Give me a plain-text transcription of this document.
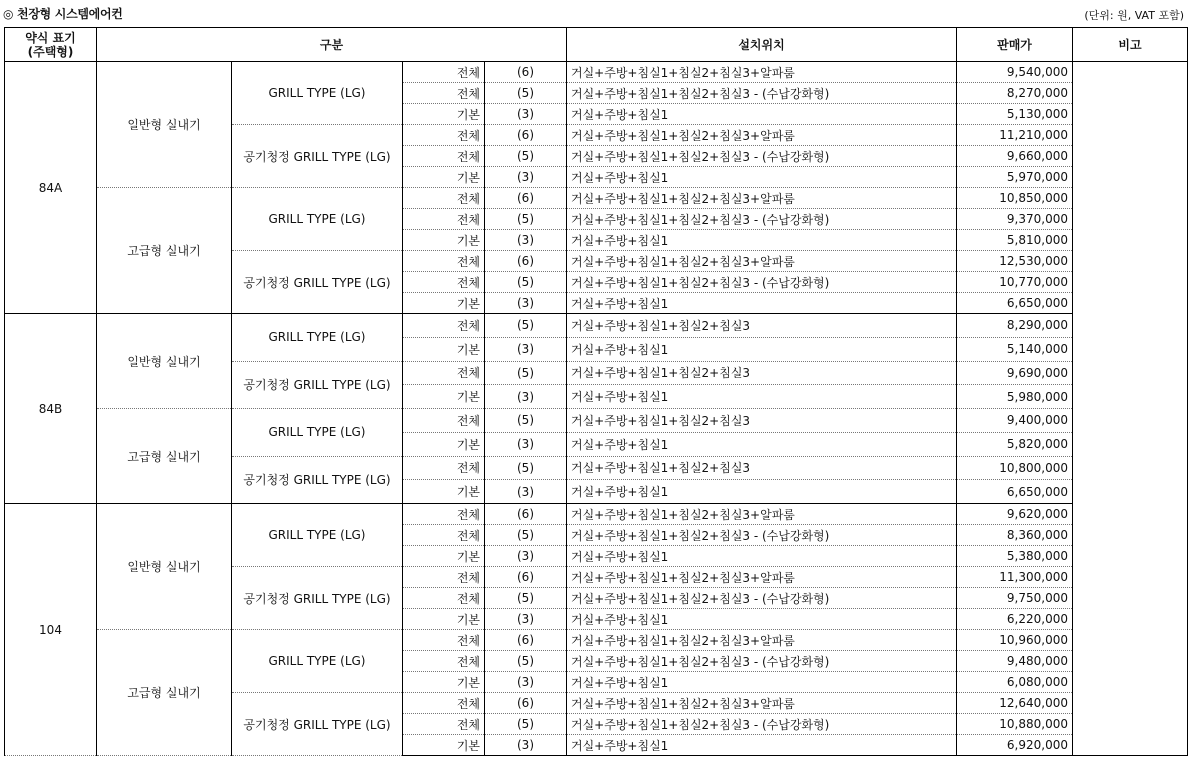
◎ 천장형 시스템에어컨	(단위: 원, VAT 포함)
약식 표기
(주택형)	구분				설치위치	판매가	비고
84A	일반형 실내기	GRILL TYPE (LG)	전체	(6)	거실+주방+침실1+침실2+침실3+알파룸	9,540,000	
			전체	(5)	거실+주방+침실1+침실2+침실3 - (수납강화형)	8,270,000	
			기본	(3)	거실+주방+침실1	5,130,000	
		공기청정 GRILL TYPE (LG)	전체	(6)	거실+주방+침실1+침실2+침실3+알파룸	11,210,000	
			전체	(5)	거실+주방+침실1+침실2+침실3 - (수납강화형)	9,660,000	
			기본	(3)	거실+주방+침실1	5,970,000	
	고급형 실내기	GRILL TYPE (LG)	전체	(6)	거실+주방+침실1+침실2+침실3+알파룸	10,850,000	
			전체	(5)	거실+주방+침실1+침실2+침실3 - (수납강화형)	9,370,000	
			기본	(3)	거실+주방+침실1	5,810,000	
		공기청정 GRILL TYPE (LG)	전체	(6)	거실+주방+침실1+침실2+침실3+알파룸	12,530,000	
			전체	(5)	거실+주방+침실1+침실2+침실3 - (수납강화형)	10,770,000	
			기본	(3)	거실+주방+침실1	6,650,000	
84B	일반형 실내기	GRILL TYPE (LG)	전체	(5)	거실+주방+침실1+침실2+침실3	8,290,000	
			기본	(3)	거실+주방+침실1	5,140,000	
		공기청정 GRILL TYPE (LG)	전체	(5)	거실+주방+침실1+침실2+침실3	9,690,000	
			기본	(3)	거실+주방+침실1	5,980,000	
	고급형 실내기	GRILL TYPE (LG)	전체	(5)	거실+주방+침실1+침실2+침실3	9,400,000	
			기본	(3)	거실+주방+침실1	5,820,000	
		공기청정 GRILL TYPE (LG)	전체	(5)	거실+주방+침실1+침실2+침실3	10,800,000	
			기본	(3)	거실+주방+침실1	6,650,000	
104	일반형 실내기	GRILL TYPE (LG)	전체	(6)	거실+주방+침실1+침실2+침실3+알파룸	9,620,000	
			전체	(5)	거실+주방+침실1+침실2+침실3 - (수납강화형)	8,360,000	
			기본	(3)	거실+주방+침실1	5,380,000	
		공기청정 GRILL TYPE (LG)	전체	(6)	거실+주방+침실1+침실2+침실3+알파룸	11,300,000	
			전체	(5)	거실+주방+침실1+침실2+침실3 - (수납강화형)	9,750,000	
			기본	(3)	거실+주방+침실1	6,220,000	
	고급형 실내기	GRILL TYPE (LG)	전체	(6)	거실+주방+침실1+침실2+침실3+알파룸	10,960,000	
			전체	(5)	거실+주방+침실1+침실2+침실3 - (수납강화형)	9,480,000	
			기본	(3)	거실+주방+침실1	6,080,000	
		공기청정 GRILL TYPE (LG)	전체	(6)	거실+주방+침실1+침실2+침실3+알파룸	12,640,000	
			전체	(5)	거실+주방+침실1+침실2+침실3 - (수납강화형)	10,880,000	
			기본	(3)	거실+주방+침실1	6,920,000	
